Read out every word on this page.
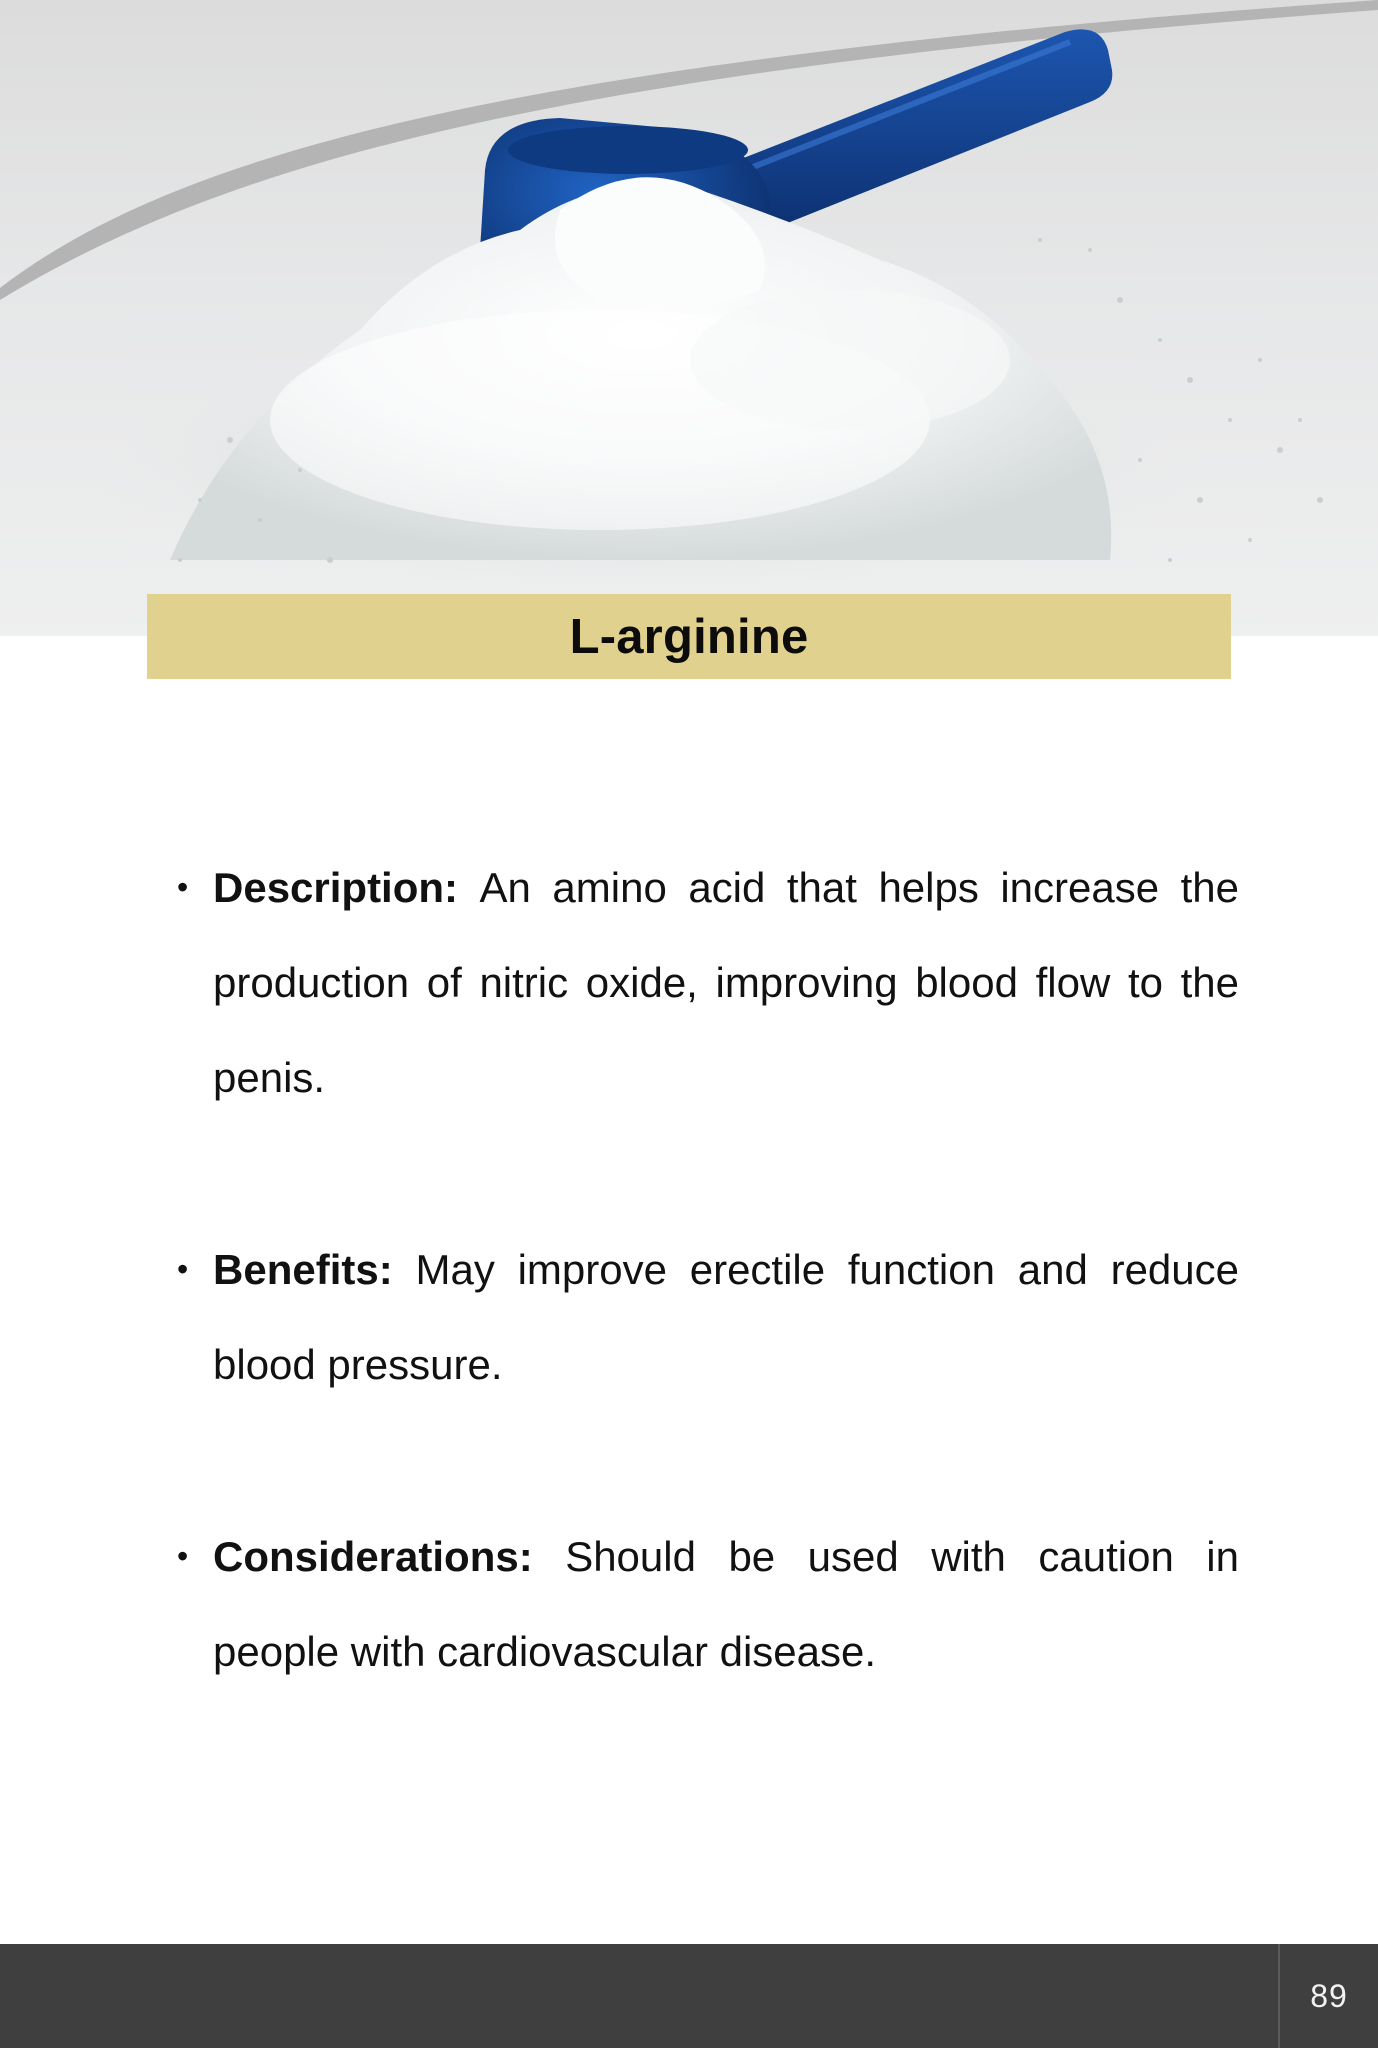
L-arginine
• Description: An amino acid that helps increase the production of nitric oxide, improving blood flow to the penis.
• Benefits: May improve erectile function and reduce blood pressure.
• Considerations: Should be used with caution in people with cardiovascular disease.
89
